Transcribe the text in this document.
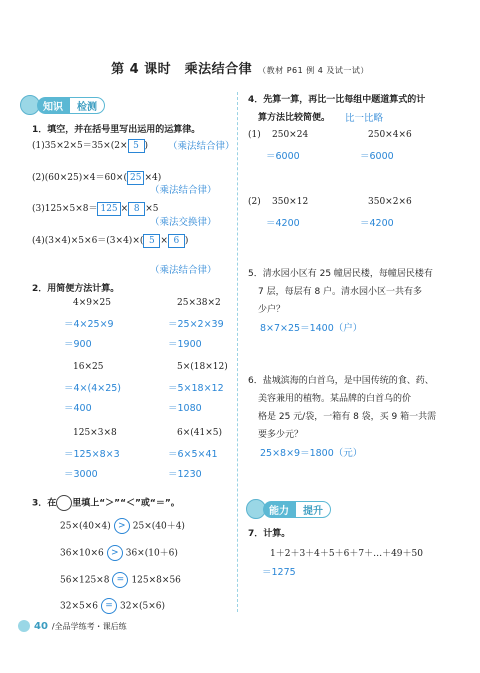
第 4 课时　乘法结合律 （教材 P61 例 4 及试一试）
知识	检测
1．填空，并在括号里写出运用的运算律。
(1)35×2×5＝35×(2× 5 ) （乘法结合律）
(2)(60×25)×4＝60×( 25 ×4)
（乘法结合律）
(3)125×5×8＝ 125 × 8 ×5
（乘法交换律）
(4)(3×4)×5×6＝(3×4)×( 5 × 6 )
（乘法结合律）
2．用简便方法计算。
4×9×25
＝4×25×9
＝900
25×38×2
＝25×2×39
＝1900
16×25
＝4×(4×25)
＝400
5×(18×12)
＝5×18×12
＝1080
125×3×8
＝125×8×3
＝3000
6×(41×5)
＝6×5×41
＝1230
3．在 里填上“＞”“＜”或“＝”。
25×(40×4) > 25×(40＋4)
36×10×6 > 36×(10＋6)
56×125×8 = 125×8×56
32×5×6 = 32×(5×6)
4．先算一算，再比一比每组中题道算式的计
算方法比较简便。 比一比略
(1) 250×24
＝6000
250×4×6
＝6000
(2) 350×12
＝4200
350×2×6
＝4200
5．清水园小区有 25 幢居民楼，每幢居民楼有
7 层，每层有 8 户。清水园小区一共有多
少户？
8×7×25＝1400（户）
6．盐城滨海的白首乌，是中国传统的食、药、
美容兼用的植物。某品牌的白首乌的价
格是 25 元/袋，一箱有 8 袋，买 9 箱一共需
要多少元？
25×8×9＝1800（元）
能力	提升
7．计算。
1＋2＋3＋4＋5＋6＋7＋…＋49＋50
＝1275
40 /全品学练考・课后练
